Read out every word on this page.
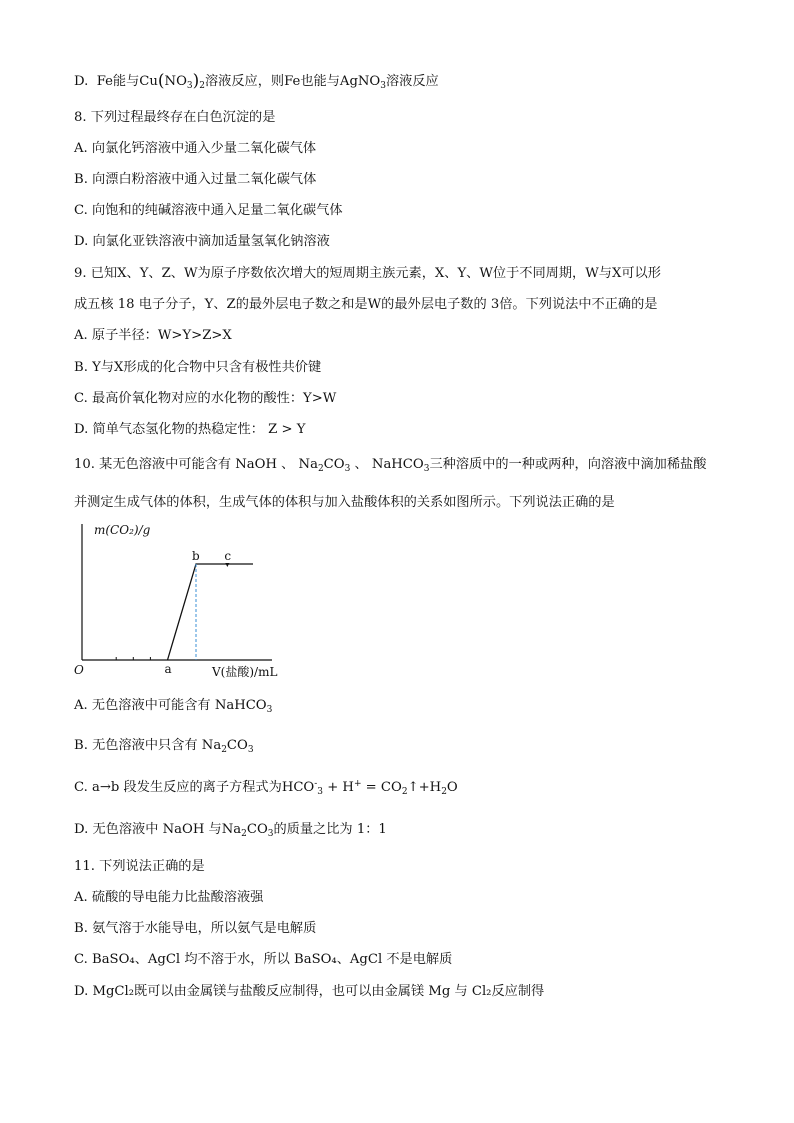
D. Fe能与$Cu(NO_3)_2$溶液反应，则Fe也能与AgNO$_3$溶液反应
8. 下列过程最终存在白色沉淀的是
A. 向氯化钙溶液中通入少量二氧化碳气体
B. 向漂白粉溶液中通入过量二氧化碳气体
C. 向饱和的纯碱溶液中通入足量二氧化碳气体
D. 向氯化亚铁溶液中滴加适量氢氧化钠溶液
9. 已知X、Y、Z、W为原子序数依次增大的短周期主族元素，X、Y、W位于不同周期，W与X可以形
成五核 18 电子分子，Y、Z的最外层电子数之和是W的最外层电子数的 3倍。下列说法中不正确的是
A. 原子半径：W>Y>Z>X
B. Y与X形成的化合物中只含有极性共价键
C. 最高价氧化物对应的水化物的酸性：Y>W
D. 简单气态氢化物的热稳定性： Z > Y
10. 某无色溶液中可能含有 NaOH 、 $Na_2CO_3$ 、 NaHCO$_3$三种溶质中的一种或两种，向溶液中滴加稀盐酸
并测定生成气体的体积，生成气体的体积与加入盐酸体积的关系如图所示。下列说法正确的是
m(CO₂)/g
V(盐酸)/mL
O	a
b c
A. 无色溶液中可能含有 NaHCO$_3$
B. 无色溶液中只含有 $Na_2CO_3$
C. a→b 段发生反应的离子方程式为$HCO^-_3 + H^+$ = $CO_2↑+H_2O$
D. 无色溶液中 NaOH 与$Na_2CO_3$的质量之比为 1：1
11. 下列说法正确的是
A. 硫酸的导电能力比盐酸溶液强
B. 氨气溶于水能导电，所以氨气是电解质
C. BaSO₄、AgCl 均不溶于水，所以 BaSO₄、AgCl 不是电解质
D. MgCl₂既可以由金属镁与盐酸反应制得，也可以由金属镁 Mg 与 Cl₂反应制得
